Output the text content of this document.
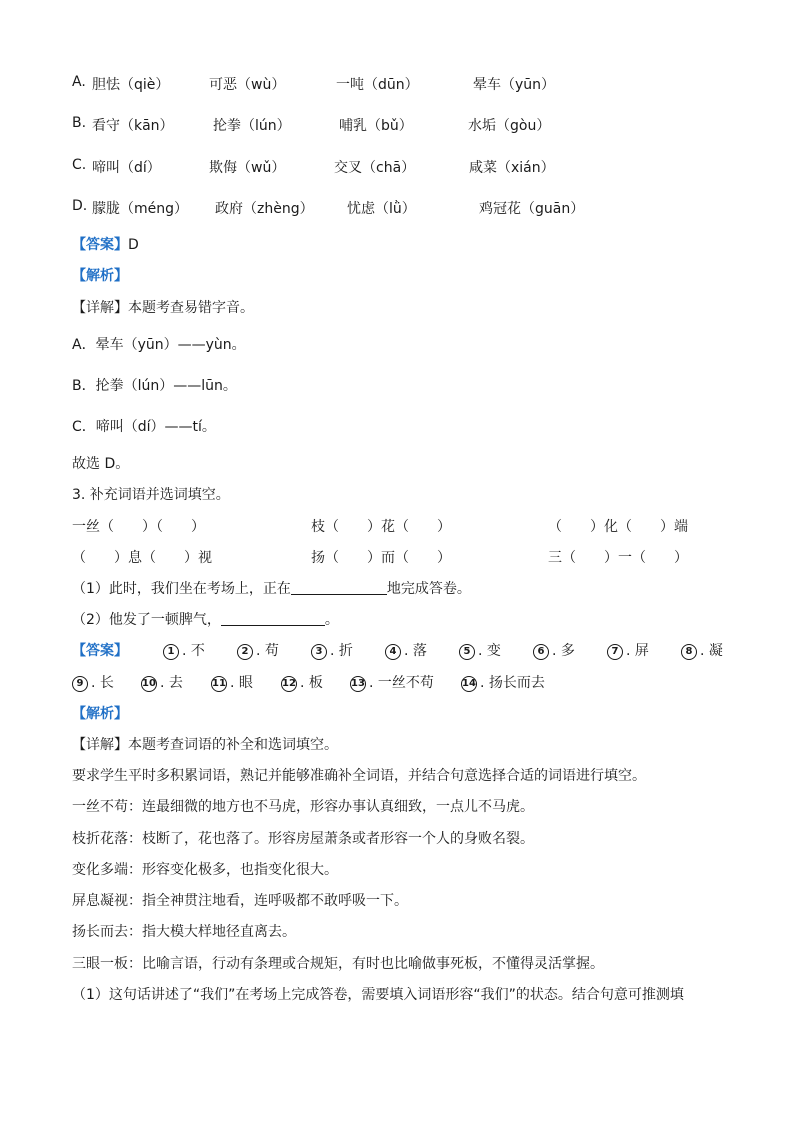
A. 胆怯（qiè）	可恶（wù）	一吨（dūn）	晕车（yūn）
B. 看守（kān）	抡拳（lún）	哺乳（bǔ）	水垢（gòu）
C. 啼叫（dí）	欺侮（wǔ）	交叉（chā）	咸菜（xián）
D. 朦胧（méng） 政府（zhèng） 忧虑（lǜ）	鸡冠花（guān）
【答案】D
【解析】
【详解】本题考查易错字音。
A．晕车（yūn）——yùn。
B．抡拳（lún）——lūn。
C．啼叫（dí）——tí。
故选 D。
3. 补充词语并选词填空。
一丝（　　）（　　）	枝（　　）花（　　）	（　　）化（　　）端
（　　）息（　　）视	扬（　　）而（　　）	三（　　）一（　　）
（1）此时，我们坐在考场上，正在	地完成答卷。
（2）他发了一顿脾气，	。
【答案】	1 . 不	2 . 苟	3 . 折	4 . 落	5 . 变	6 . 多	7 . 屏	8 . 凝
9 . 长	10 . 去	11 . 眼	12 . 板	13 . 一丝不苟	14 . 扬长而去
【解析】
【详解】本题考查词语的补全和选词填空。
要求学生平时多积累词语，熟记并能够准确补全词语，并结合句意选择合适的词语进行填空。
一丝不苟：连最细微的地方也不马虎，形容办事认真细致，一点儿不马虎。
枝折花落：枝断了，花也落了。形容房屋萧条或者形容一个人的身败名裂。
变化多端：形容变化极多，也指变化很大。
屏息凝视：指全神贯注地看，连呼吸都不敢呼吸一下。
扬长而去：指大模大样地径直离去。
三眼一板：比喻言语，行动有条理或合规矩，有时也比喻做事死板，不懂得灵活掌握。
（1）这句话讲述了“我们”在考场上完成答卷，需要填入词语形容“我们”的状态。结合句意可推测填
